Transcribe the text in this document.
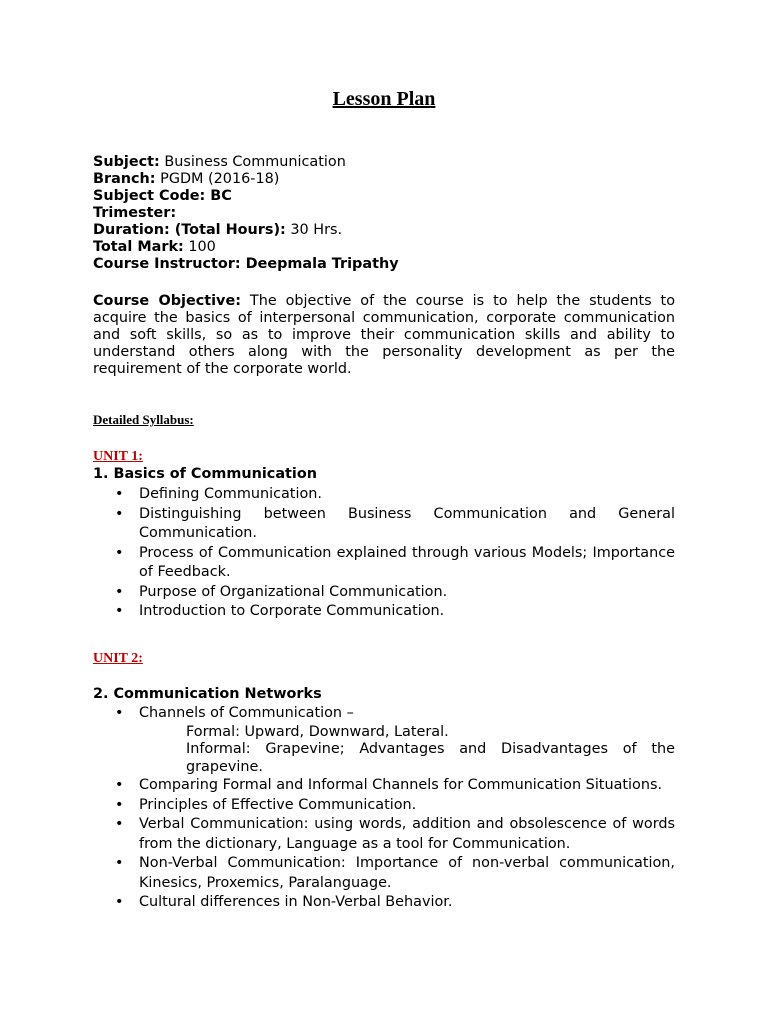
Lesson Plan
Subject: Business Communication
Branch: PGDM (2016-18)
Subject Code: BC
Trimester:
Duration: (Total Hours): 30 Hrs.
Total Mark: 100
Course Instructor: Deepmala Tripathy

Course Objective: The objective of the course is to help the students to acquire the basics of interpersonal communication, corporate communication and soft skills, so as to improve their communication skills and ability to understand others along with the personality development as per the requirement of the corporate world.

Detailed Syllabus:

UNIT 1:

1. Basics of Communication

• Defining Communication.
• Distinguishing between Business Communication and General Communication.
• Process of Communication explained through various Models; Importance of Feedback.
• Purpose of Organizational Communication.
• Introduction to Corporate Communication.

UNIT 2:

2. Communication Networks

• Channels of Communication –
Formal: Upward, Downward, Lateral.
Informal: Grapevine; Advantages and Disadvantages of the grapevine.
• Comparing Formal and Informal Channels for Communication Situations.
• Principles of Effective Communication.
• Verbal Communication: using words, addition and obsolescence of words from the dictionary, Language as a tool for Communication.
• Non-Verbal Communication: Importance of non-verbal communication, Kinesics, Proxemics, Paralanguage.
• Cultural differences in Non-Verbal Behavior.
